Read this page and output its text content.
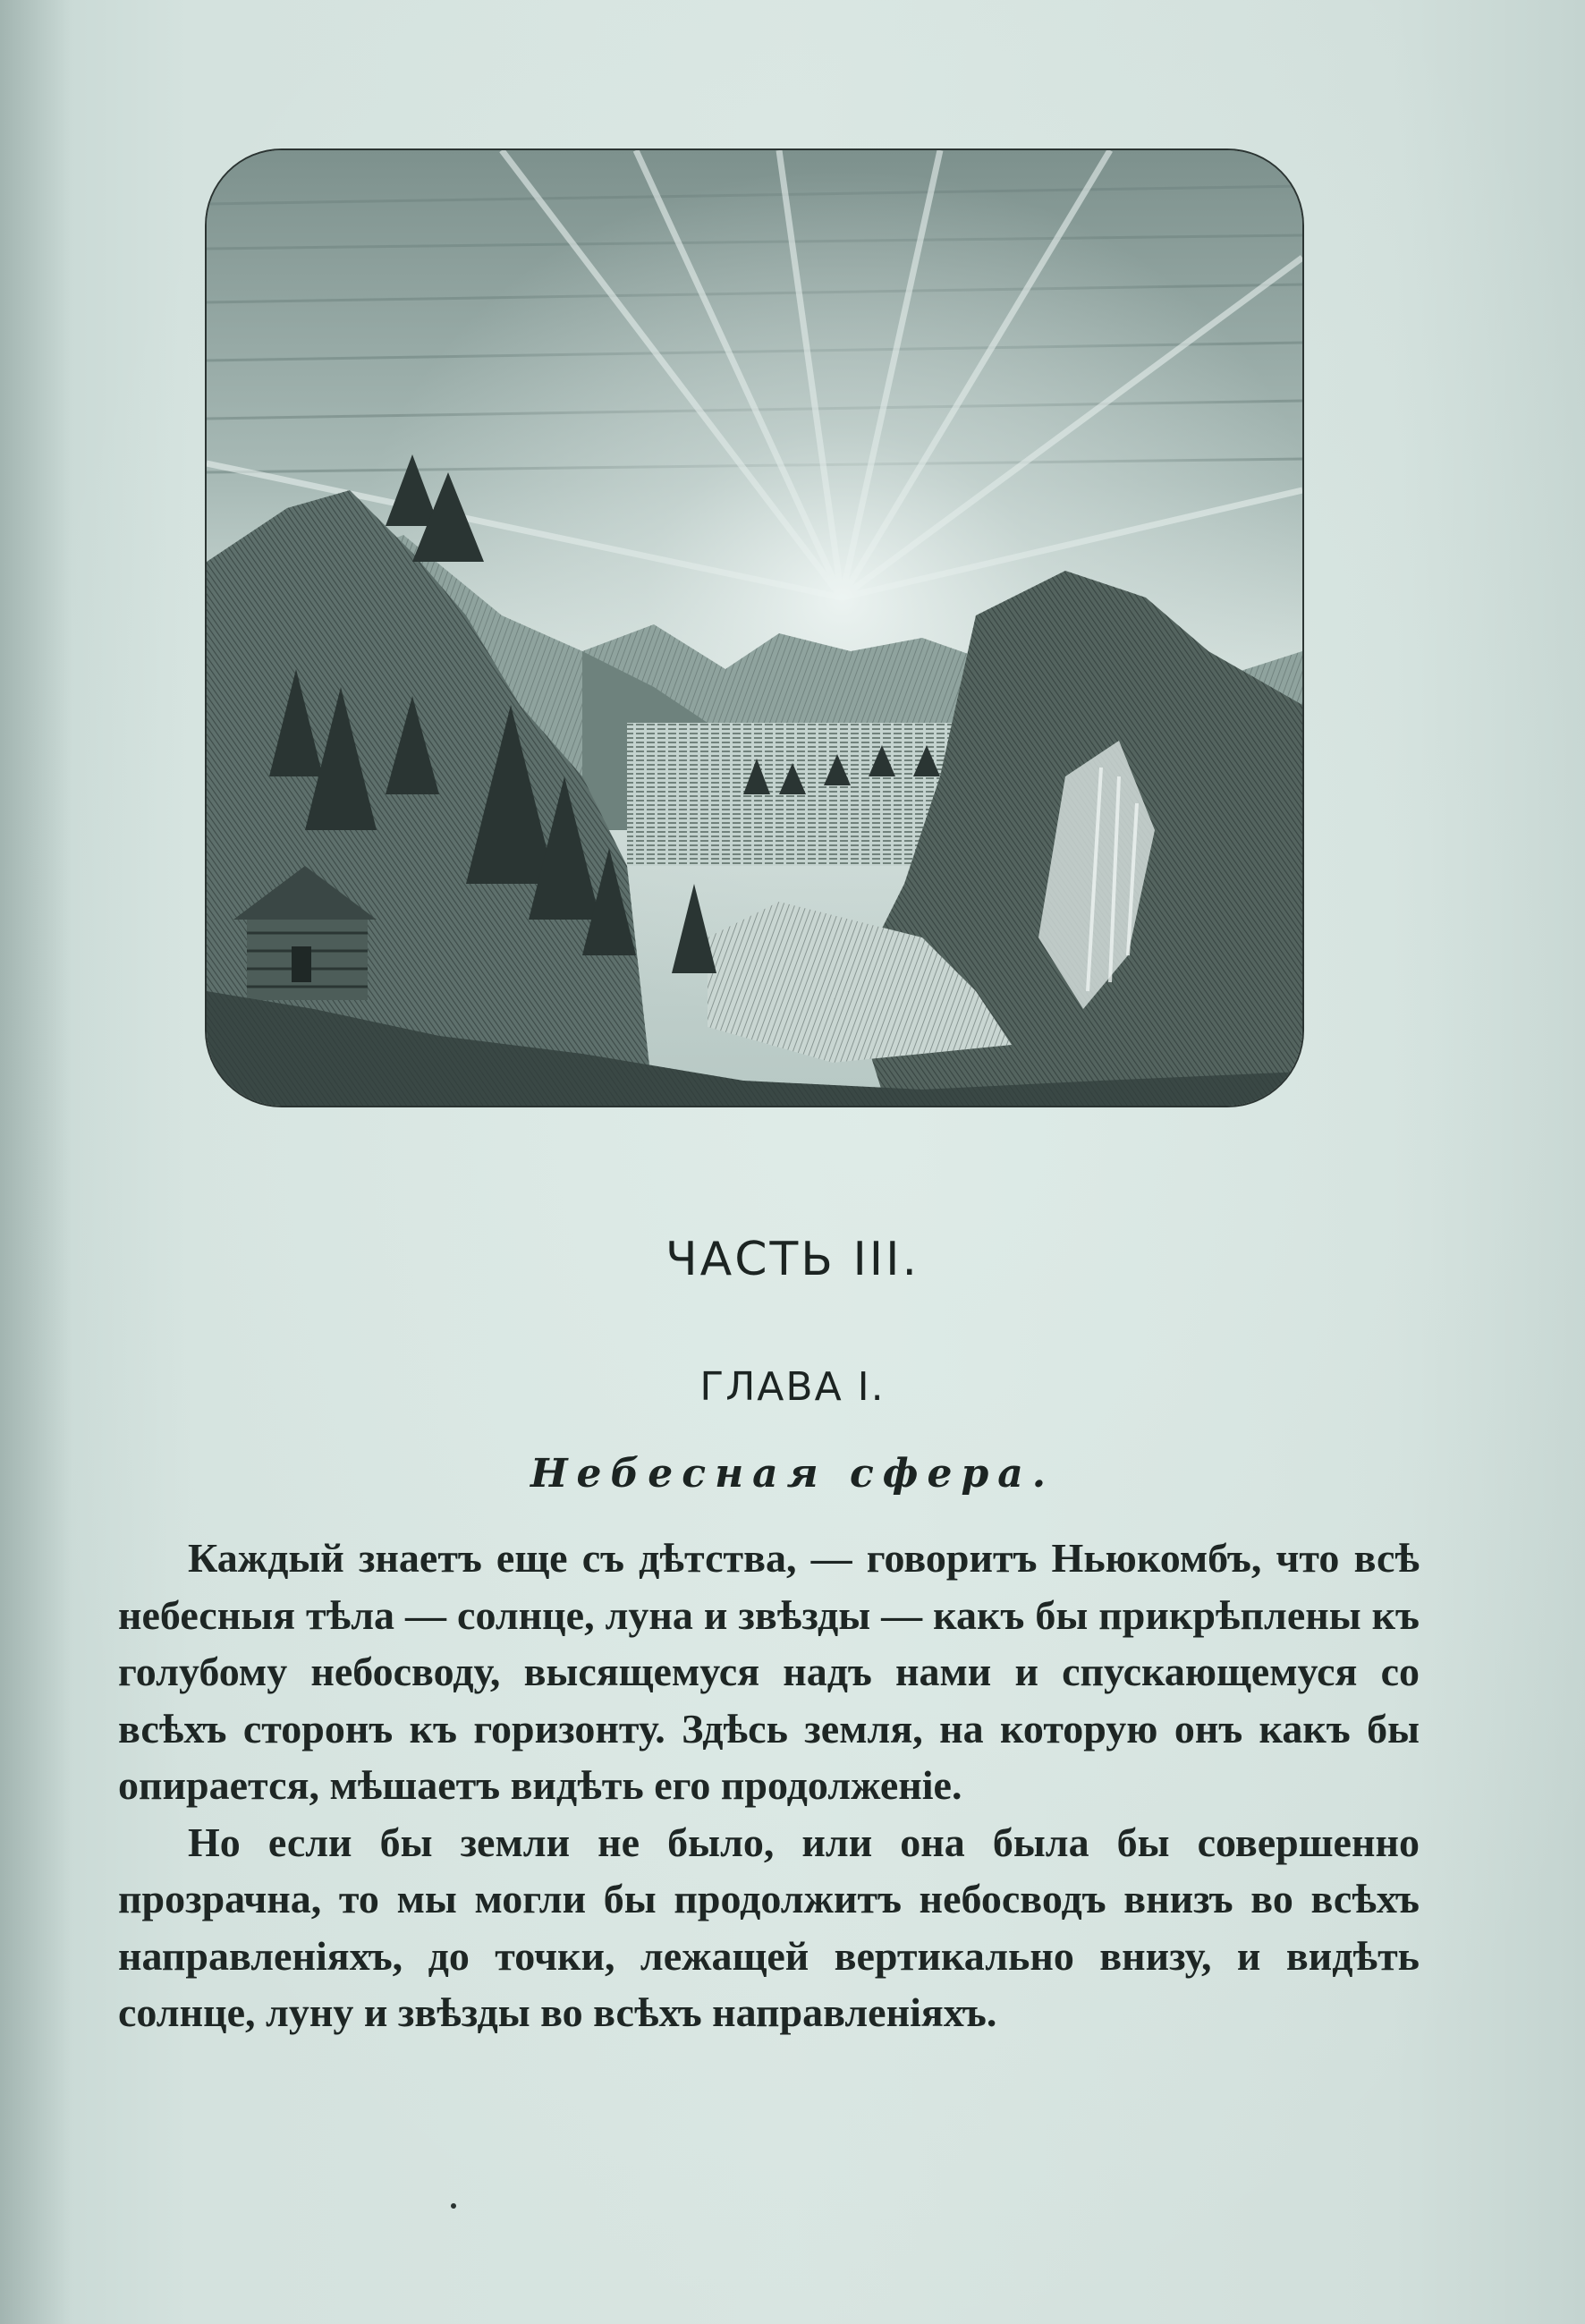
ЧАСТЬ III.
ГЛАВА I.
Небесная сфера.

Каждый знаетъ еще съ дѣтства, — говоритъ Ньюкомбъ, что всѣ небесныя тѣла — солнце, луна и звѣзды — какъ бы прикрѣплены къ голубому небосводу, высящемуся надъ нами и спускающемуся со всѣхъ сторонъ къ горизонту. Здѣсь земля, на которую онъ какъ бы опирается, мѣшаетъ видѣть его продолженіе.

Но если бы земли не было, или она была бы совершенно прозрачна, то мы могли бы продолжитъ небосводъ внизъ во всѣхъ направленіяхъ, до точки, лежащей вертикально внизу, и видѣть солнце, луну и звѣзды во всѣхъ направленіяхъ.
